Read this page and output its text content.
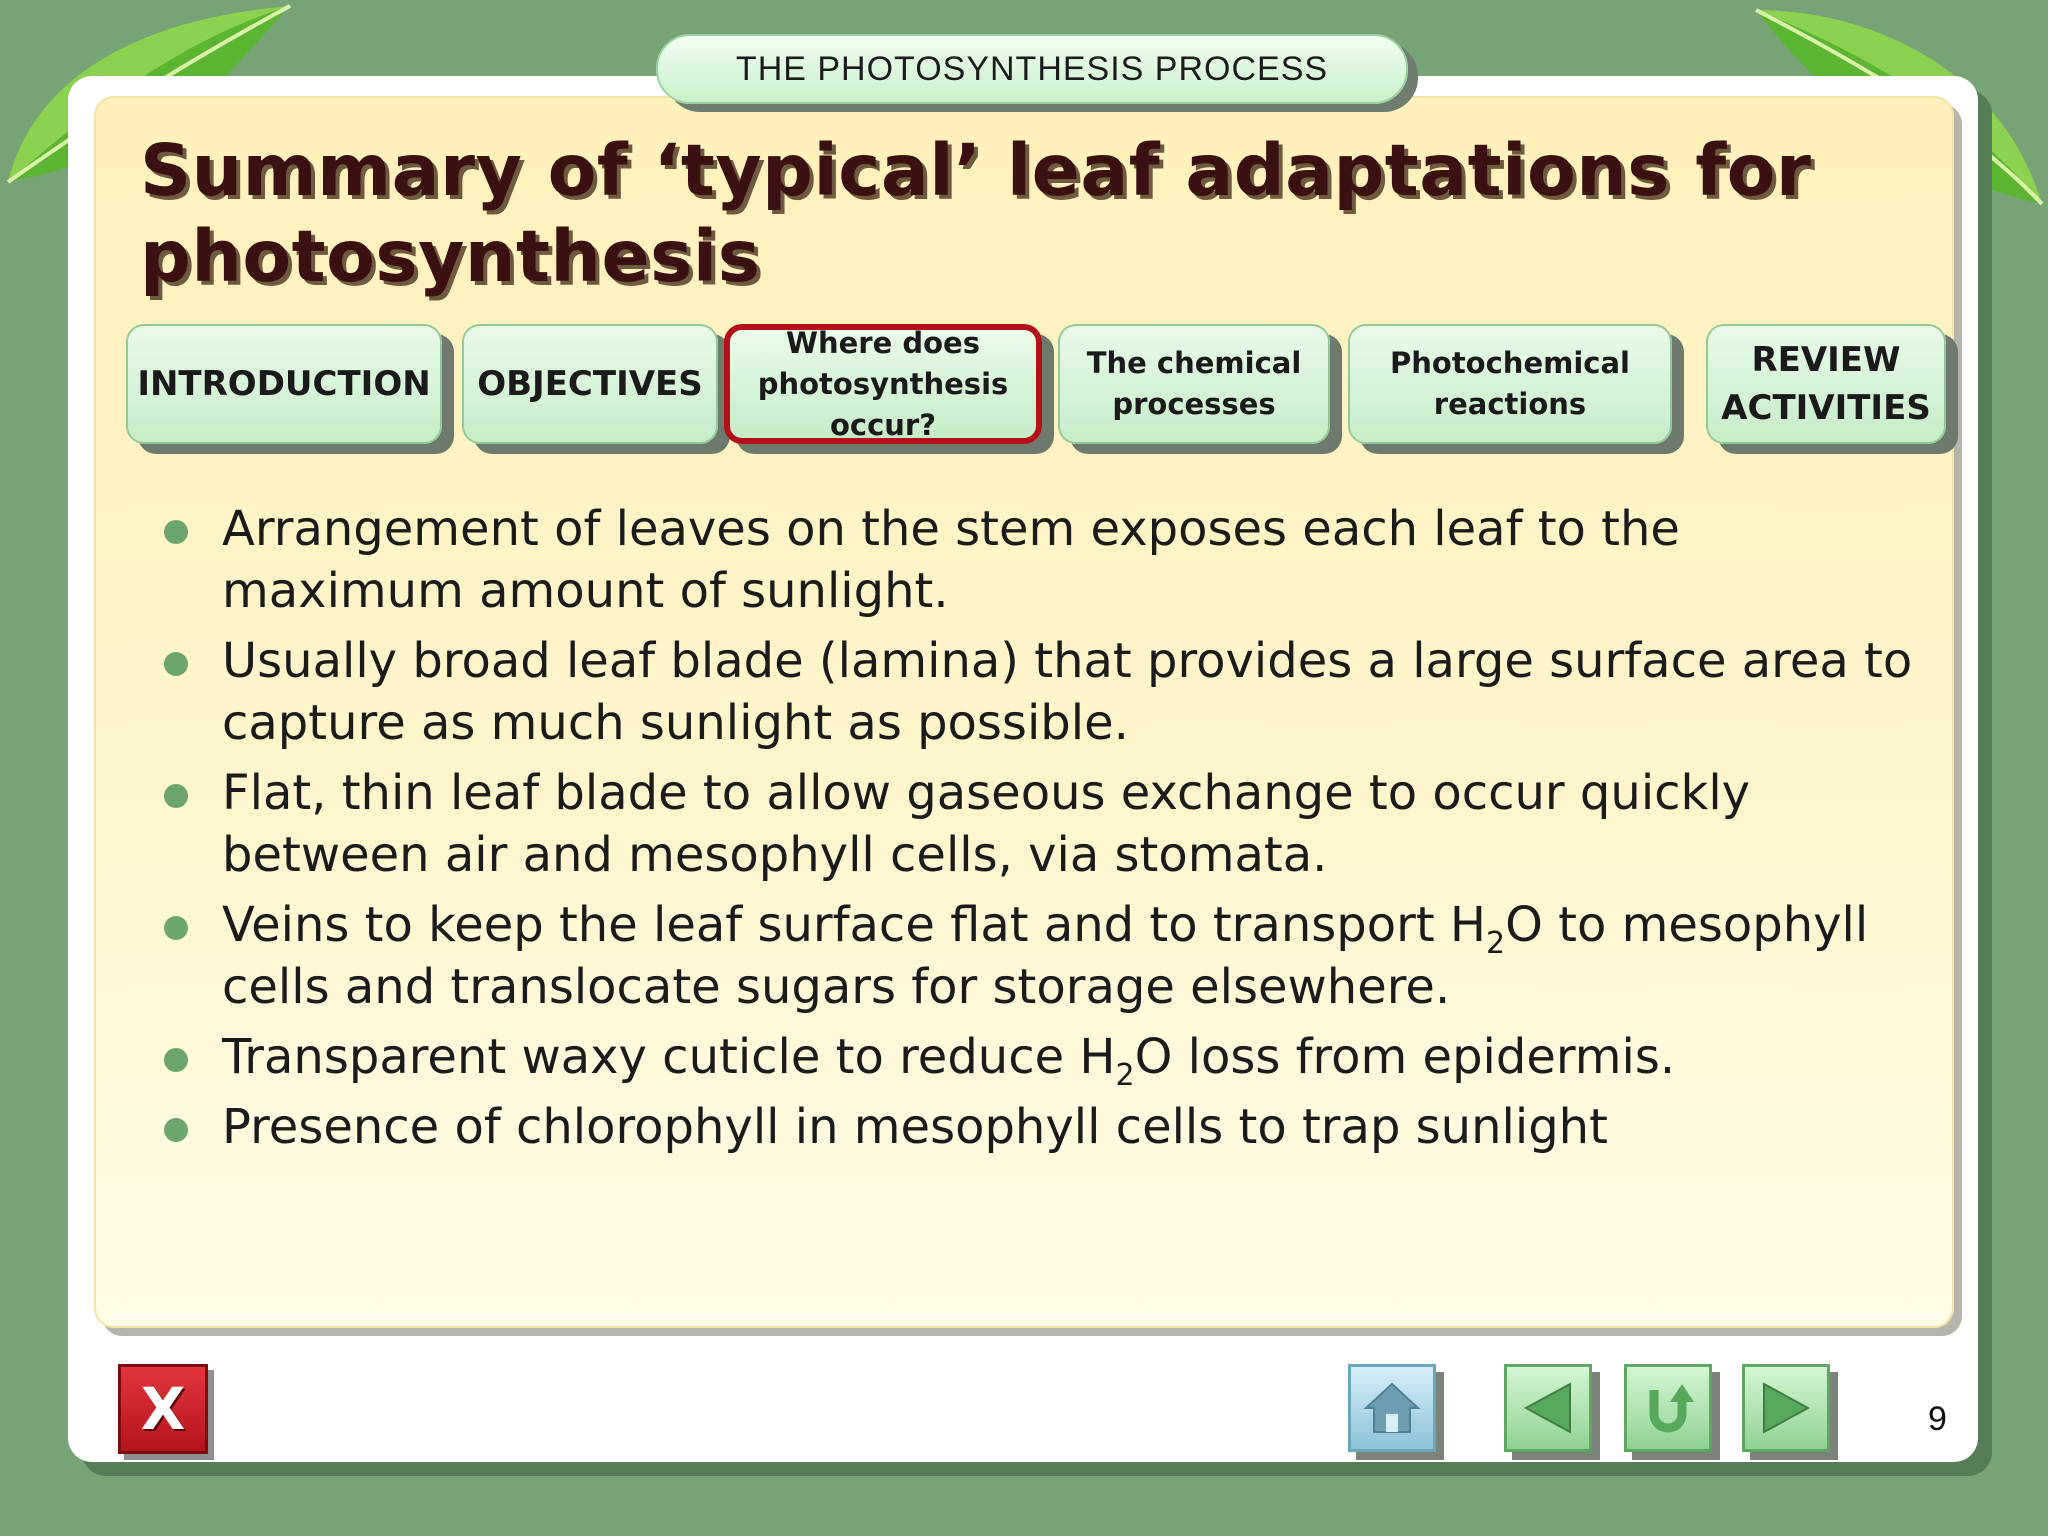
THE PHOTOSYNTHESIS PROCESS
Summary of ‘typical’ leaf adaptations for
photosynthesis
INTRODUCTION OBJECTIVES
Where does
photosynthesis
occur?
The chemical
processes
Photochemical
reactions
REVIEW
ACTIVITIES
Arrangement of leaves on the stem exposes each leaf to the maximum amount of sunlight.
Usually broad leaf blade (lamina) that provides a large surface area to capture as much sunlight as possible.
Flat, thin leaf blade to allow gaseous exchange to occur quickly between air and mesophyll cells, via stomata.
Veins to keep the leaf surface flat and to transport $H_2O$ to mesophyll cells and translocate sugars for storage elsewhere.
Transparent waxy cuticle to reduce $H_2O$ loss from epidermis.
Presence of chlorophyll in mesophyll cells to trap sunlight
X	9
